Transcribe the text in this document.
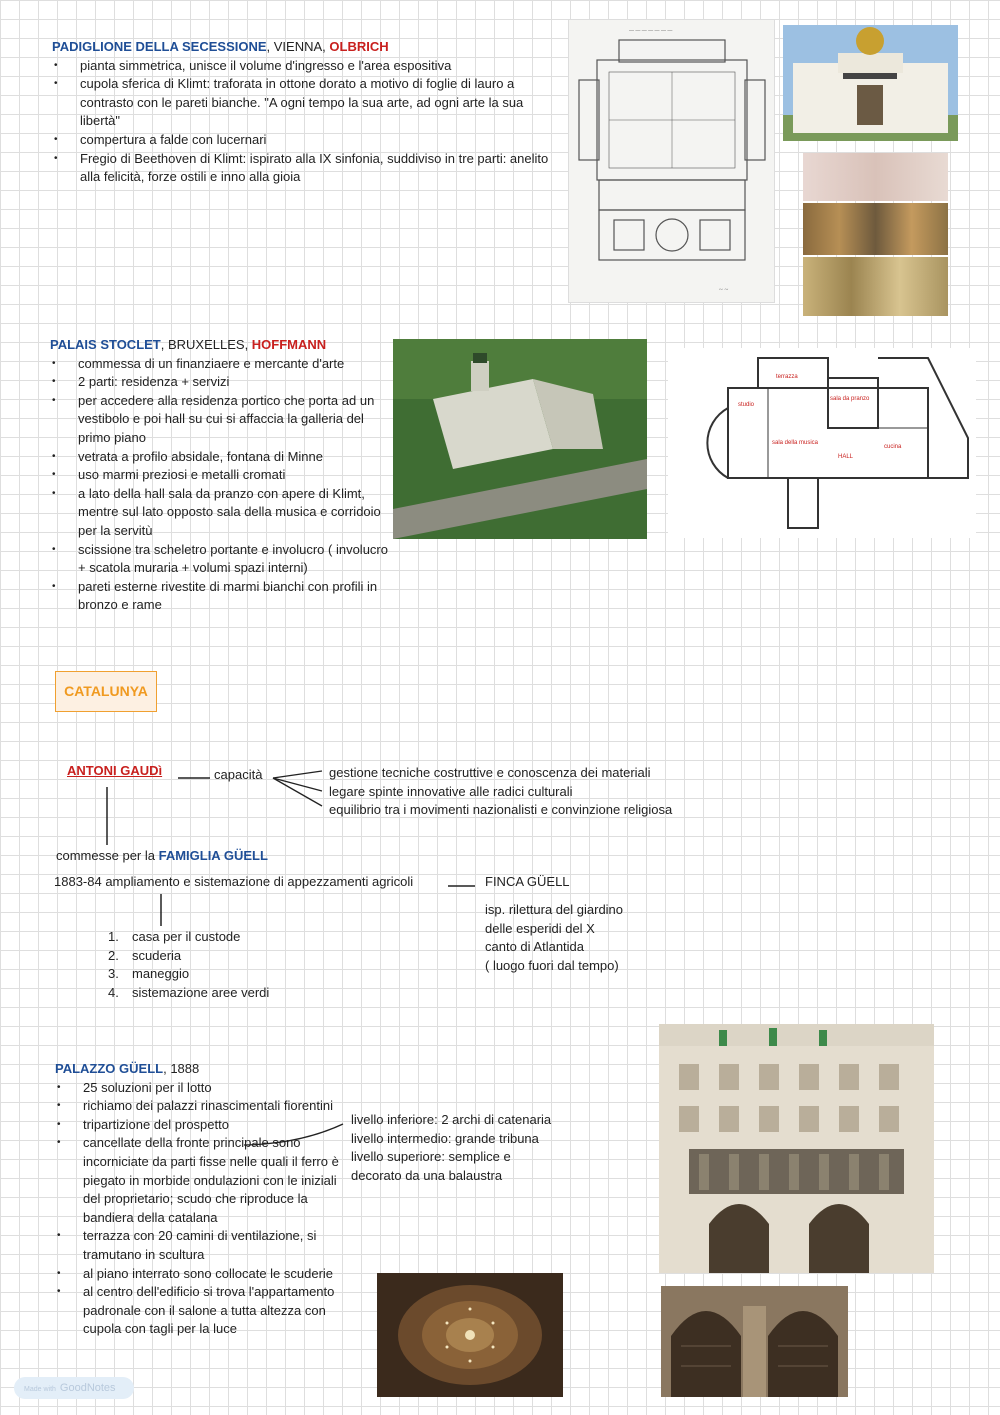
PADIGLIONE DELLA SECESSIONE, VIENNA, OLBRICH
• pianta simmetrica, unisce il volume d'ingresso e l'area espositiva
• cupola sferica di Klimt: traforata in ottone dorato a motivo di foglie di lauro a contrasto con le pareti bianche. "A ogni tempo la sua arte, ad ogni arte la sua libertà"
• compertura a falde con lucernari
• Fregio di Beethoven di Klimt: ispirato alla IX sinfonia, suddiviso in tre parti: anelito alla felicità, forze ostili e inno alla gioia
— — — — — — —
~ ~
PALAIS STOCLET, BRUXELLES, HOFFMANN
• commessa di un finanziaere e mercante d'arte
• 2 parti: residenza + servizi
• per accedere alla residenza portico che porta ad un vestibolo e poi hall su cui si affaccia la galleria del primo piano
• vetrata a profilo absidale, fontana di Minne
• uso marmi preziosi e metalli cromati
• a lato della hall sala da pranzo con apere di Klimt, mentre sul lato opposto sala della musica e corridoio per la servitù
• scissione tra scheletro portante e involucro ( involucro + scatola muraria + volumi spazi interni)
• pareti esterne rivestite di marmi bianchi con profili in bronzo e rame
terrazza
studio
sala da pranzo
sala della musica
HALL
cucina
CATALUNYA
ANTONI GAUDì	capacità	gestione tecniche costruttive e conoscenza dei materiali
legare spinte innovative alle radici culturali
equilibrio tra i movimenti nazionalisti e convinzione religiosa
commesse per la FAMIGLIA GÜELL
1883-84 ampliamento e sistemazione di appezzamenti agricoli	FINCA GÜELL
1. casa per il custode
2. scuderia
3. maneggio
4. sistemazione aree verdi
isp. rilettura del giardino
delle esperidi del X
canto di Atlantida
( luogo fuori dal tempo)
PALAZZO GÜELL, 1888
• 25 soluzioni per il lotto
• richiamo dei palazzi rinascimentali fiorentini
• tripartizione del prospetto
• cancellate della fronte principale sono incorniciate da parti fisse nelle quali il ferro è piegato in morbide ondulazioni con le iniziali del proprietario; scudo che riproduce la bandiera della catalana
• terrazza con 20 camini di ventilazione, si tramutano in scultura
• al piano interrato sono collocate le scuderie
• al centro dell'edificio si trova l'appartamento padronale con il salone a tutta altezza con cupola con tagli per la luce
livello inferiore: 2 archi di catenaria
livello intermedio: grande tribuna
livello superiore: semplice e
decorato da una balaustra
Made with GoodNotes
